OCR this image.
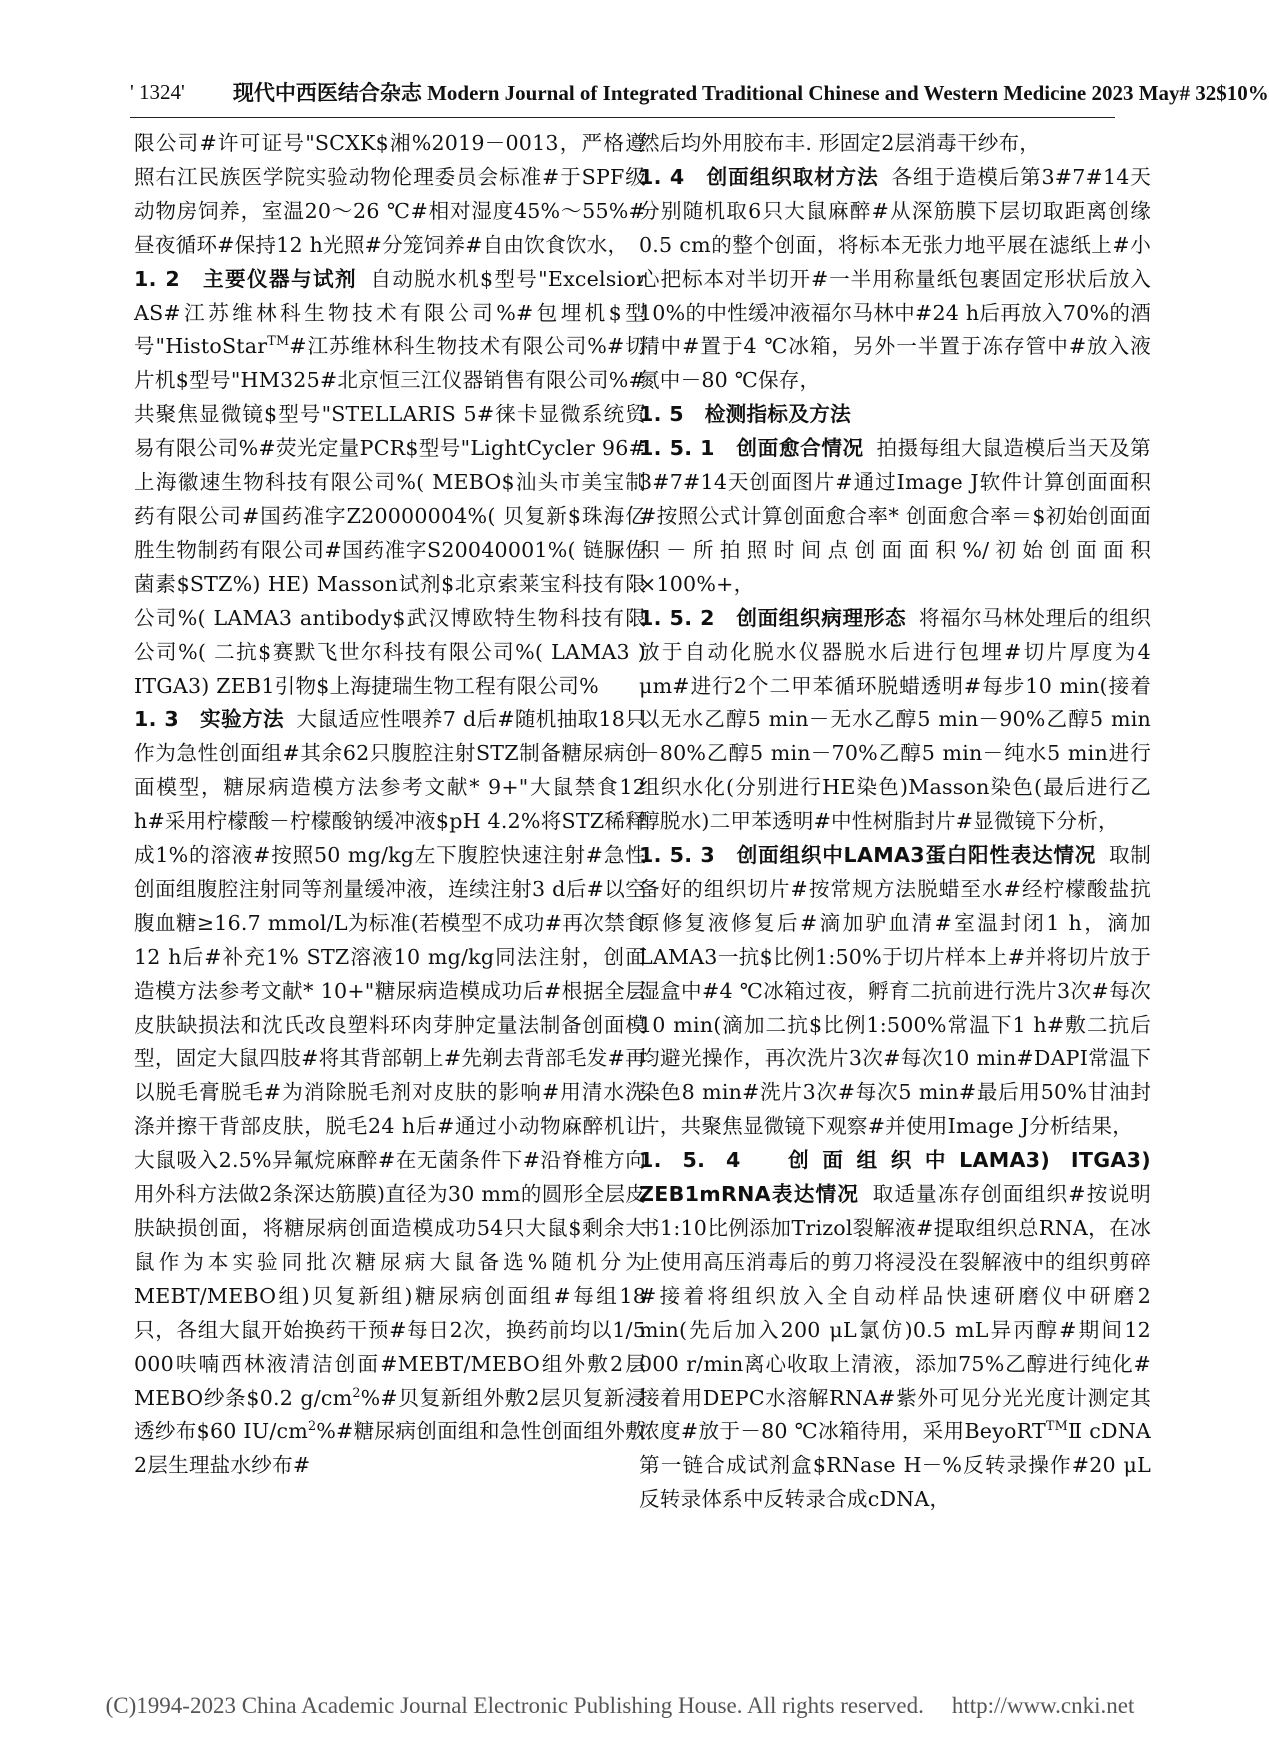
' 1324' 现代中西医结合杂志 Modern Journal of Integrated Traditional Chinese and Western Medicine 2023 May# 32$10%

限公司#许可证号"SCXK$湘%2019－0013，严格遵照右江民族医学院实验动物伦理委员会标准#于SPF级动物房饲养，室温20～26 ℃#相对湿度45%～55%#昼夜循环#保持12 h光照#分笼饲养#自由饮食饮水，

1. 2　主要仪器与试剂 自动脱水机$型号"Excelsior AS#江苏维林科生物技术有限公司%#包埋机$型号"HistoStar™#江苏维林科生物技术有限公司%#切片机$型号"HM325#北京恒三江仪器销售有限公司%#共聚焦显微镜$型号"STELLARIS 5#徕卡显微系统贸易有限公司%#荧光定量PCR$型号"LightCycler 96#上海徽速生物科技有限公司%( MEBO$汕头市美宝制药有限公司#国药准字Z20000004%( 贝复新$珠海亿胜生物制药有限公司#国药准字S20040001%( 链脲佐菌素$STZ%) HE) Masson试剂$北京索莱宝科技有限公司%( LAMA3 antibody$武汉博欧特生物科技有限公司%( 二抗$赛默飞世尔科技有限公司%( LAMA3 ) ITGA3) ZEB1引物$上海捷瑞生物工程有限公司%

1. 3　实验方法 大鼠适应性喂养7 d后#随机抽取18只作为急性创面组#其余62只腹腔注射STZ制备糖尿病创面模型，糖尿病造模方法参考文献* 9+"大鼠禁食12 h#采用柠檬酸－柠檬酸钠缓冲液$pH 4.2%将STZ稀释成1%的溶液#按照50 mg/kg左下腹腔快速注射#急性创面组腹腔注射同等剂量缓冲液，连续注射3 d后#以空腹血糖≥16.7 mmol/L为标准(若模型不成功#再次禁食12 h后#补充1% STZ溶液10 mg/kg同法注射，创面造模方法参考文献* 10+"糖尿病造模成功后#根据全层皮肤缺损法和沈氏改良塑料环肉芽肿定量法制备创面模型，固定大鼠四肢#将其背部朝上#先剃去背部毛发#再以脱毛膏脱毛#为消除脱毛剂对皮肤的影响#用清水洗涤并擦干背部皮肤，脱毛24 h后#通过小动物麻醉机让大鼠吸入2.5%异氟烷麻醉#在无菌条件下#沿脊椎方向用外科方法做2条深达筋膜)直径为30 mm的圆形全层皮肤缺损创面，将糖尿病创面造模成功54只大鼠$剩余大鼠作为本实验同批次糖尿病大鼠备选%随机分为MEBT/MEBO组)贝复新组)糖尿病创面组#每组18只，各组大鼠开始换药干预#每日2次，换药前均以1/5 000呋喃西林液清洁创面#MEBT/MEBO组外敷2层MEBO纱条$0.2 $g/cm^2\%\#$贝复新组外敷2层贝复新浸透纱布$60 $IU/cm^2\%\#$糖尿病创面组和急性创面组外敷2层生理盐水纱布#

然后均外用胶布丰. 形固定2层消毒干纱布，

1. 4　创面组织取材方法 各组于造模后第3#7#14天分别随机取6只大鼠麻醉#从深筋膜下层切取距离创缘0.5 cm的整个创面，将标本无张力地平展在滤纸上#小心把标本对半切开#一半用称量纸包裹固定形状后放入10%的中性缓冲液福尔马林中#24 h后再放入70%的酒精中#置于4 ℃冰箱，另外一半置于冻存管中#放入液氮中－80 ℃保存，

1. 5　检测指标及方法

1. 5. 1　创面愈合情况 拍摄每组大鼠造模后当天及第3#7#14天创面图片#通过Image J软件计算创面面积#按照公式计算创面愈合率* 创面愈合率＝$初始创面面积－所拍照时间点创面面积%/初始创面面积×100%+，

1. 5. 2　创面组织病理形态 将福尔马林处理后的组织放于自动化脱水仪器脱水后进行包埋#切片厚度为4 μm#进行2个二甲苯循环脱蜡透明#每步10 min(接着以无水乙醇5 min－无水乙醇5 min－90%乙醇5 min－80%乙醇5 min－70%乙醇5 min－纯水5 min进行组织水化(分别进行HE染色)Masson染色(最后进行乙醇脱水)二甲苯透明#中性树脂封片#显微镜下分析，

1. 5. 3　创面组织中LAMA3蛋白阳性表达情况 取制备好的组织切片#按常规方法脱蜡至水#经柠檬酸盐抗原修复液修复后#滴加驴血清#室温封闭1 h，滴加LAMA3一抗$比例1:50%于切片样本上#并将切片放于湿盒中#4 ℃冰箱过夜，孵育二抗前进行洗片3次#每次10 min(滴加二抗$比例1:500%常温下1 h#敷二抗后均避光操作，再次洗片3次#每次10 min#DAPI常温下染色8 min#洗片3次#每次5 min#最后用50%甘油封片，共聚焦显微镜下观察#并使用Image J分析结果，

1. 5. 4　创面组织中LAMA3) ITGA3) ZEB1mRNA表达情况 取适量冻存创面组织#按说明书1:10比例添加Trizol裂解液#提取组织总RNA，在冰上使用高压消毒后的剪刀将浸没在裂解液中的组织剪碎#接着将组织放入全自动样品快速研磨仪中研磨2 min(先后加入200 μL氯仿)0.5 mL异丙醇#期间12 000 r/min离心收取上清液，添加75%乙醇进行纯化#接着用DEPC水溶解RNA#紫外可见分光光度计测定其浓度#放于－80 ℃冰箱待用，采用BeyoRT™Ⅱ cDNA第一链合成试剂盒$RNase H－%反转录操作#20 μL反转录体系中反转录合成cDNA，

(C)1994-2023 China Academic Journal Electronic Publishing House. All rights reserved. http://www.cnki.net
